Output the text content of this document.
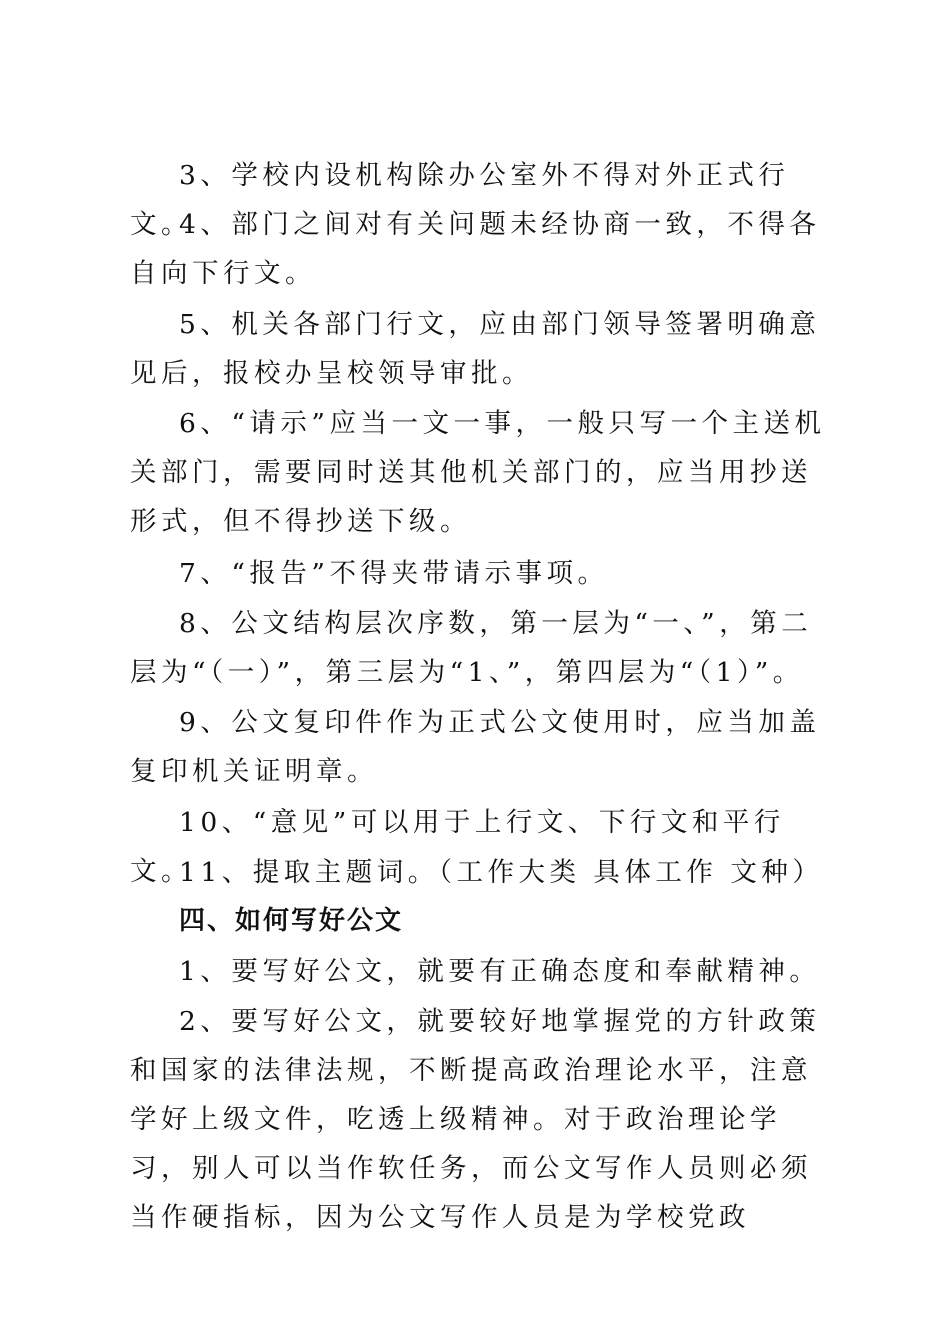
3、学校内设机构除办公室外不得对外正式行文。

4、部门之间对有关问题未经协商一致，不得各自向下行文。

5、机关各部门行文，应由部门领导签署明确意见后，报校办呈校领导审批。

6、“请示”应当一文一事，一般只写一个主送机关部门，需要同时送其他机关部门的，应当用抄送形式，但不得抄送下级。

7、“报告”不得夹带请示事项。

8、公文结构层次序数，第一层为“一、”，第二层为“（一）”，第三层为“1、”，第四层为“（1）”。

9、公文复印件作为正式公文使用时，应当加盖复印机关证明章。

10、“意见”可以用于上行文、下行文和平行文。

11、提取主题词。（工作大类 具体工作 文种）

四、如何写好公文

1、要写好公文，就要有正确态度和奉献精神。

2、要写好公文，就要较好地掌握党的方针政策和国家的法律法规，不断提高政治理论水平，注意学好上级文件，吃透上级精神。对于政治理论学习，别人可以当作软任务，而公文写作人员则必须当作硬指标，因为公文写作人员是为学校党政
